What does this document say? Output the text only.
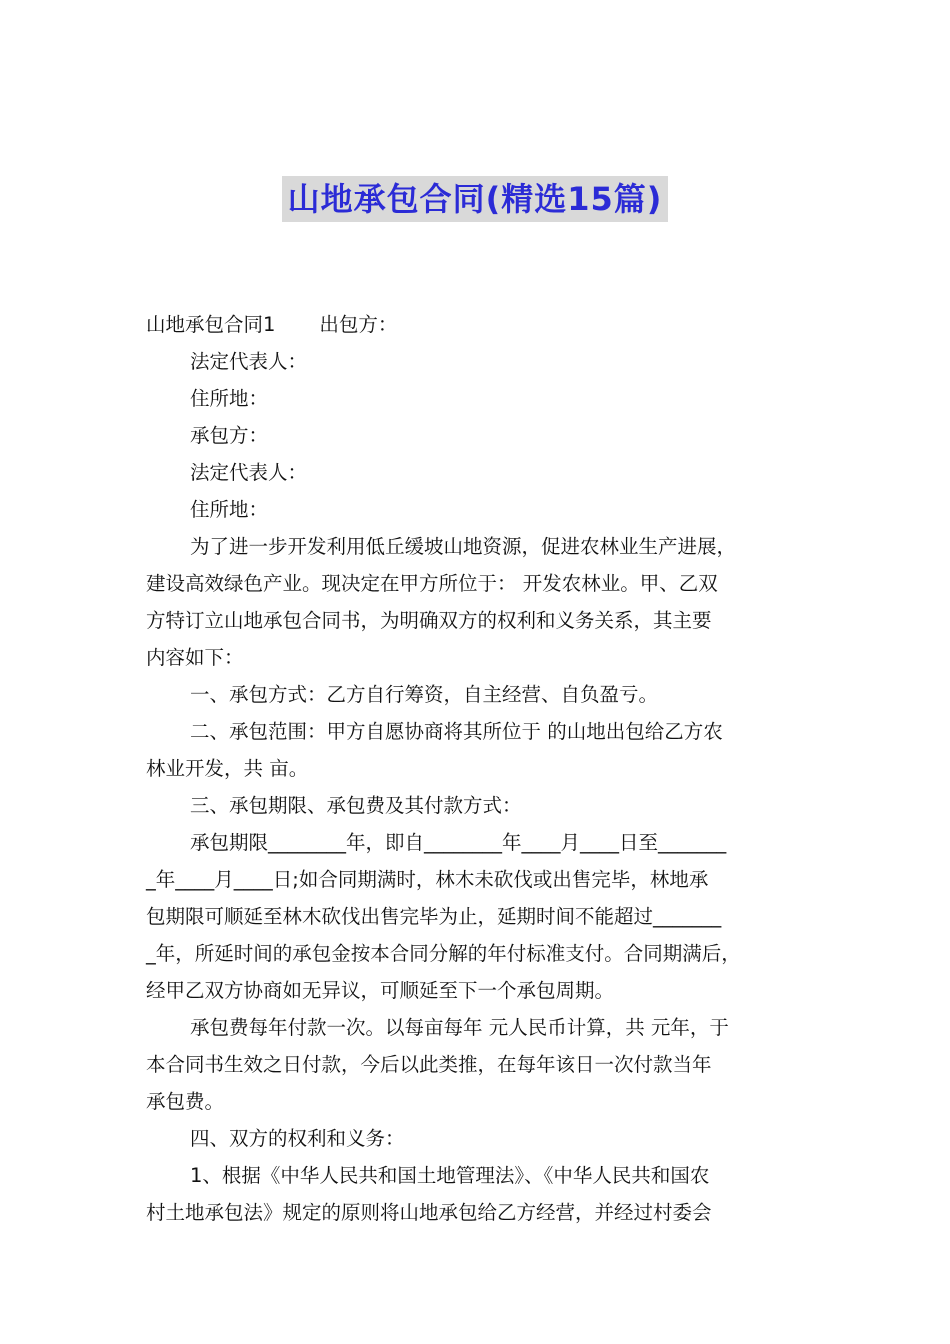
山地承包合同(精选15篇)
山地承包合同1 出包方：
法定代表人：
住所地：
承包方：
法定代表人：
住所地：
为了进一步开发利用低丘缓坡山地资源，促进农林业生产进展，
建设高效绿色产业。现决定在甲方所位于： 开发农林业。甲、乙双
方特订立山地承包合同书，为明确双方的权利和义务关系，其主要
内容如下：
一、承包方式：乙方自行筹资，自主经营、自负盈亏。
二、承包范围：甲方自愿协商将其所位于 的山地出包给乙方农
林业开发，共 亩。
三、承包期限、承包费及其付款方式：
承包期限________年，即自________年____月____日至_______
_年____月____日;如合同期满时，林木未砍伐或出售完毕，林地承
包期限可顺延至林木砍伐出售完毕为止，延期时间不能超过_______
_年，所延时间的承包金按本合同分解的年付标准支付。合同期满后，
经甲乙双方协商如无异议，可顺延至下一个承包周期。
承包费每年付款一次。以每亩每年 元人民币计算，共 元年，于
本合同书生效之日付款，今后以此类推，在每年该日一次付款当年
承包费。
四、双方的权利和义务：
1、根据《中华人民共和国土地管理法》、《中华人民共和国农
村土地承包法》规定的原则将山地承包给乙方经营，并经过村委会
